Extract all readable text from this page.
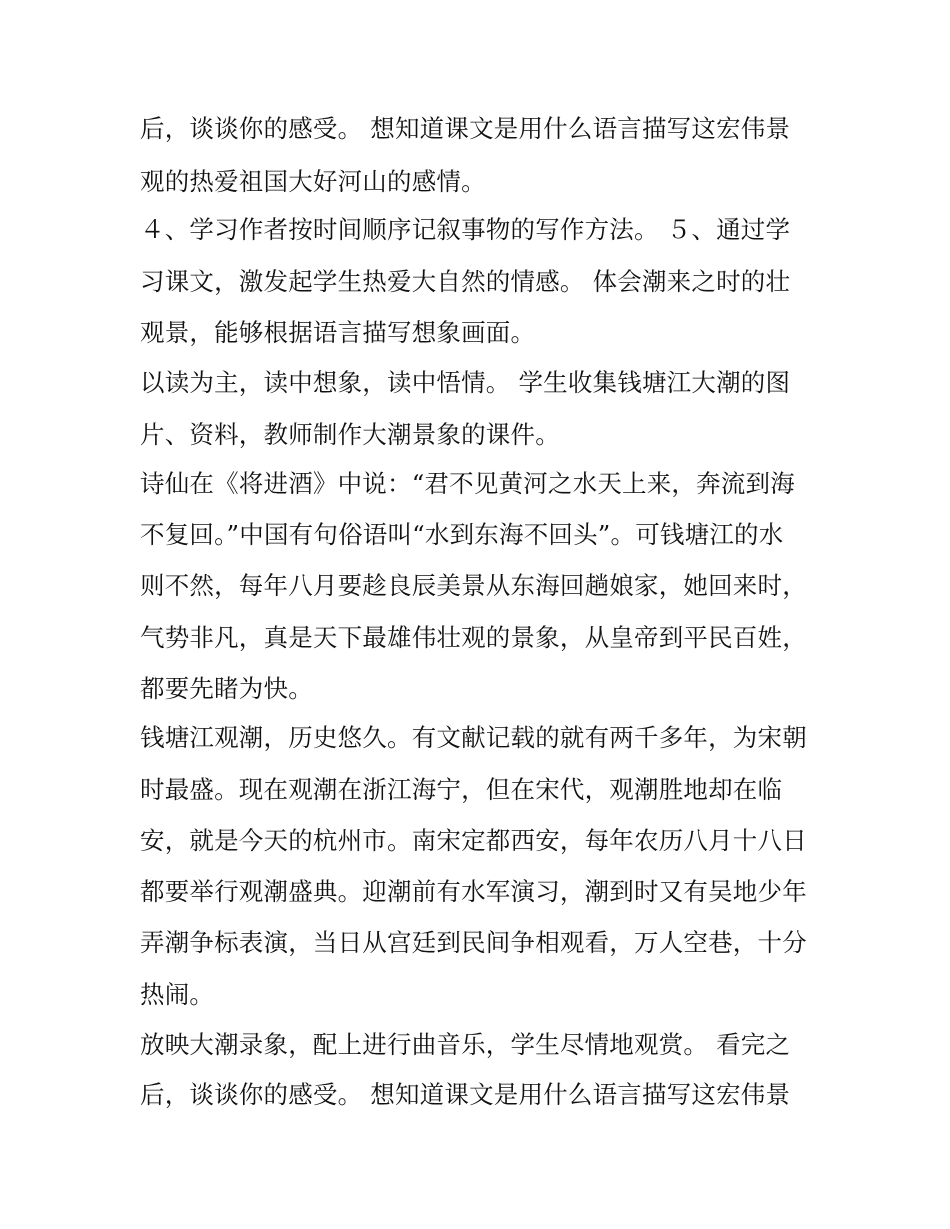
后，谈谈你的感受。 想知道课文是用什么语言描写这宏伟景

观的热爱祖国大好河山的感情。

４、学习作者按时间顺序记叙事物的写作方法。 ５、通过学

习课文，激发起学生热爱大自然的情感。 体会潮来之时的壮

观景，能够根据语言描写想象画面。

以读为主，读中想象，读中悟情。 学生收集钱塘江大潮的图

片、资料，教师制作大潮景象的课件。

诗仙在《将进酒》中说：“君不见黄河之水天上来，奔流到海

不复回。”中国有句俗语叫“水到东海不回头”。可钱塘江的水

则不然，每年八月要趁良辰美景从东海回趟娘家，她回来时，

气势非凡，真是天下最雄伟壮观的景象，从皇帝到平民百姓，

都要先睹为快。

钱塘江观潮，历史悠久。有文献记载的就有两千多年，为宋朝

时最盛。现在观潮在浙江海宁，但在宋代，观潮胜地却在临

安，就是今天的杭州市。南宋定都西安，每年农历八月十八日

都要举行观潮盛典。迎潮前有水军演习，潮到时又有吴地少年

弄潮争标表演，当日从宫廷到民间争相观看，万人空巷，十分

热闹。

放映大潮录象，配上进行曲音乐，学生尽情地观赏。 看完之

后，谈谈你的感受。 想知道课文是用什么语言描写这宏伟景
